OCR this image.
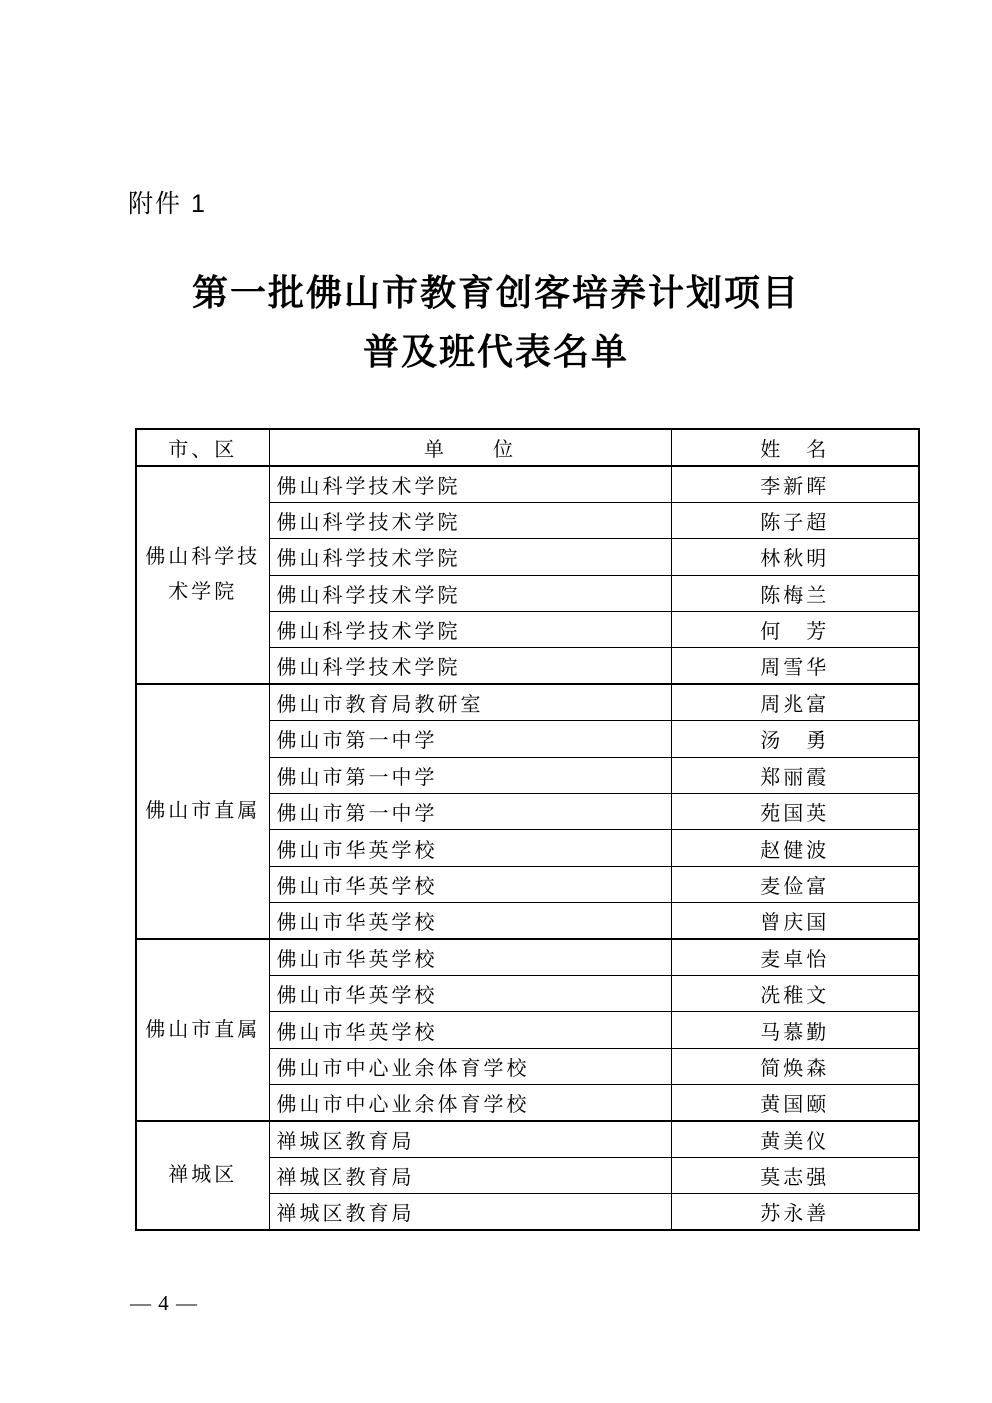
附件 1
第一批佛山市教育创客培养计划项目
普及班代表名单
市、区	单　　位	姓　名
佛山科学技术学院	佛山科学技术学院	李新晖
	佛山科学技术学院	陈子超
	佛山科学技术学院	林秋明
	佛山科学技术学院	陈梅兰
	佛山科学技术学院	何　芳
	佛山科学技术学院	周雪华
佛山市直属	佛山市教育局教研室	周兆富
	佛山市第一中学	汤　勇
	佛山市第一中学	郑丽霞
	佛山市第一中学	苑国英
	佛山市华英学校	赵健波
	佛山市华英学校	麦俭富
	佛山市华英学校	曾庆国
佛山市直属	佛山市华英学校	麦卓怡
	佛山市华英学校	冼稚文
	佛山市华英学校	马慕勤
	佛山市中心业余体育学校	简焕森
	佛山市中心业余体育学校	黄国颐
禅城区	禅城区教育局	黄美仪
	禅城区教育局	莫志强
	禅城区教育局	苏永善
— 4 —
